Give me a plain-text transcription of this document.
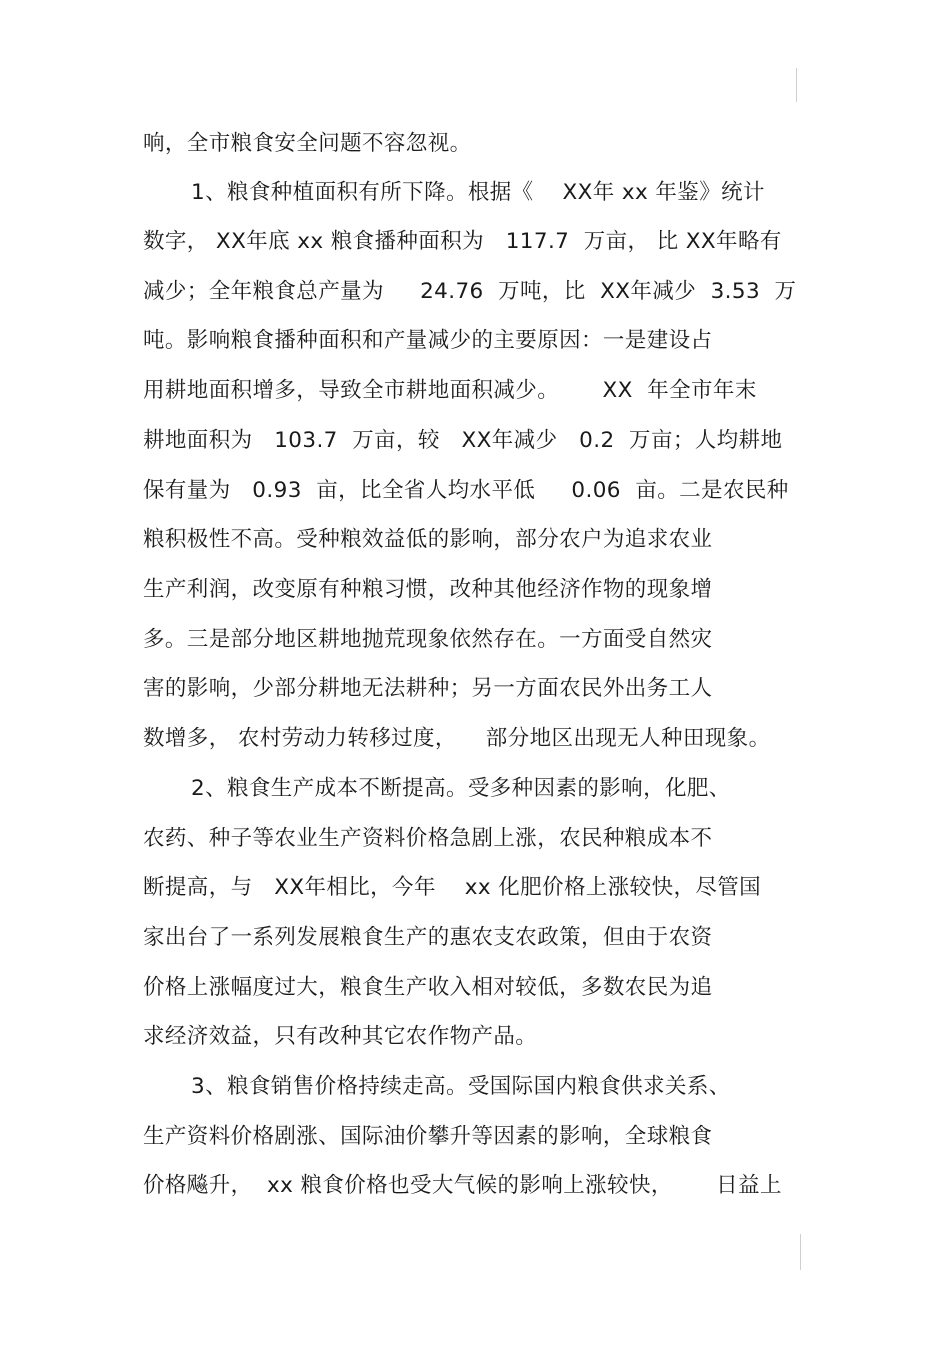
响，全市粮食安全问题不容忽视。
1、粮食种植面积有所下降。根据《    XX年 xx 年鉴》统计
数字， XX年底 xx 粮食播种面积为   117.7  万亩， 比 XX年略有
减少；全年粮食总产量为     24.76  万吨，比  XX年减少  3.53  万
吨。影响粮食播种面积和产量减少的主要原因：一是建设占
用耕地面积增多，导致全市耕地面积减少。      XX  年全市年末
耕地面积为   103.7  万亩，较   XX年减少   0.2  万亩；人均耕地
保有量为   0.93  亩，比全省人均水平低     0.06  亩。二是农民种
粮积极性不高。受种粮效益低的影响，部分农户为追求农业
生产利润，改变原有种粮习惯，改种其他经济作物的现象增
多。三是部分地区耕地抛荒现象依然存在。一方面受自然灾
害的影响，少部分耕地无法耕种；另一方面农民外出务工人
数增多， 农村劳动力转移过度，    部分地区出现无人种田现象。
2、粮食生产成本不断提高。受多种因素的影响，化肥、
农药、种子等农业生产资料价格急剧上涨，农民种粮成本不
断提高，与   XX年相比，今年    xx 化肥价格上涨较快，尽管国
家出台了一系列发展粮食生产的惠农支农政策，但由于农资
价格上涨幅度过大，粮食生产收入相对较低，多数农民为追
求经济效益，只有改种其它农作物产品。
3、粮食销售价格持续走高。受国际国内粮食供求关系、
生产资料价格剧涨、国际油价攀升等因素的影响，全球粮食
价格飚升，  xx 粮食价格也受大气候的影响上涨较快，      日益上
